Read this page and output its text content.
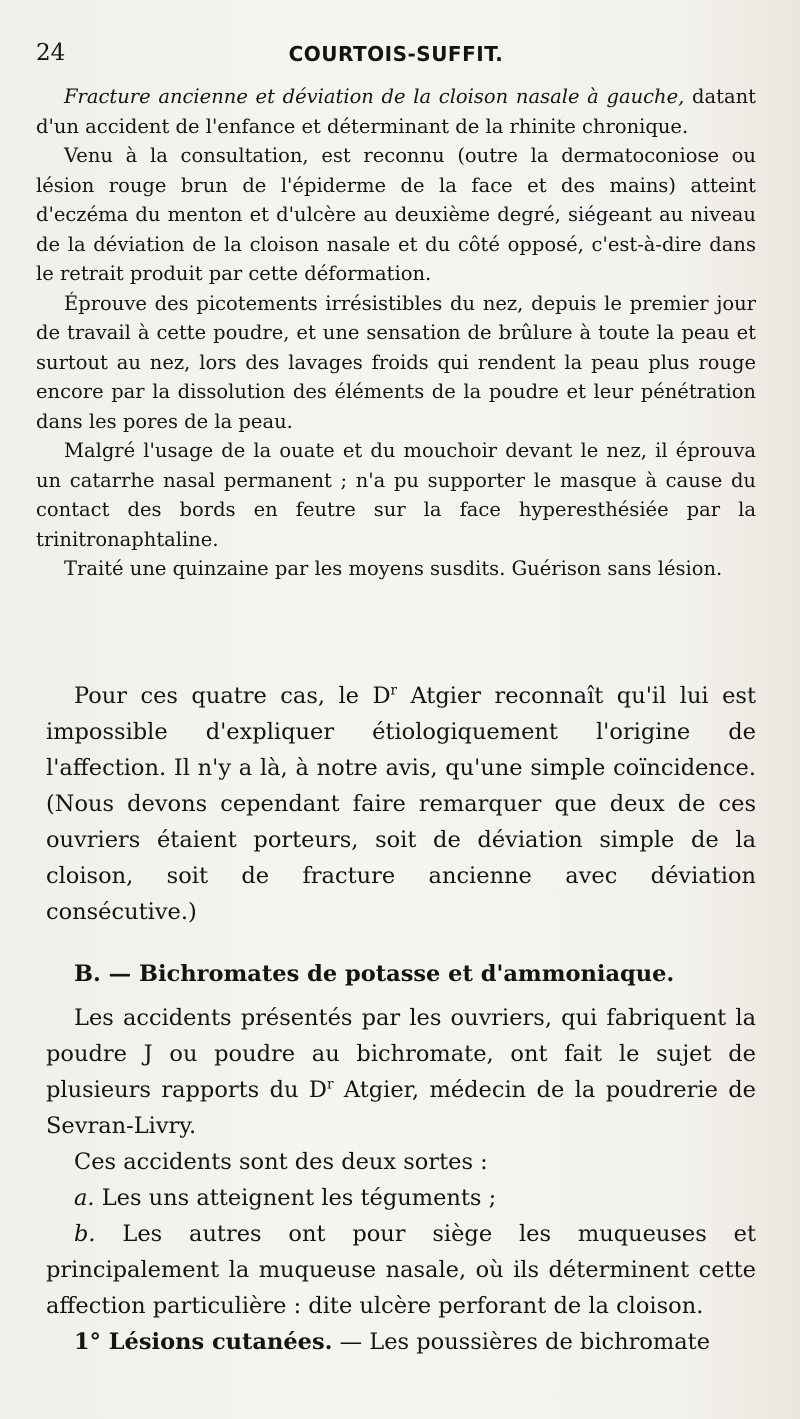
24	COURTOIS-SUFFIT.

Fracture ancienne et déviation de la cloison nasale à gauche, datant d'un accident de l'enfance et déterminant de la rhinite chronique.

Venu à la consultation, est reconnu (outre la dermatoconiose ou lésion rouge brun de l'épiderme de la face et des mains) atteint d'eczéma du menton et d'ulcère au deuxième degré, siégeant au niveau de la déviation de la cloison nasale et du côté opposé, c'est-à-dire dans le retrait produit par cette déformation.

Éprouve des picotements irrésistibles du nez, depuis le premier jour de travail à cette poudre, et une sensation de brûlure à toute la peau et surtout au nez, lors des lavages froids qui rendent la peau plus rouge encore par la dissolution des éléments de la poudre et leur pénétration dans les pores de la peau.

Malgré l'usage de la ouate et du mouchoir devant le nez, il éprouva un catarrhe nasal permanent ; n'a pu supporter le masque à cause du contact des bords en feutre sur la face hyperesthésiée par la trinitronaphtaline.

Traité une quinzaine par les moyens susdits. Guérison sans lésion.

Pour ces quatre cas, le $D^r$ Atgier reconnaît qu'il lui est impossible d'expliquer étiologiquement l'origine de l'affection. Il n'y a là, à notre avis, qu'une simple coïncidence. (Nous devons cependant faire remarquer que deux de ces ouvriers étaient porteurs, soit de déviation simple de la cloison, soit de fracture ancienne avec déviation consécutive.)

B. — Bichromates de potasse et d'ammoniaque.

Les accidents présentés par les ouvriers, qui fabriquent la poudre J ou poudre au bichromate, ont fait le sujet de plusieurs rapports du $D^r$ Atgier, médecin de la poudrerie de Sevran-Livry.

Ces accidents sont des deux sortes :

a. Les uns atteignent les téguments ;

b. Les autres ont pour siège les muqueuses et principalement la muqueuse nasale, où ils déterminent cette affection particulière : dite ulcère perforant de la cloison.

1° Lésions cutanées. — Les poussières de bichromate
